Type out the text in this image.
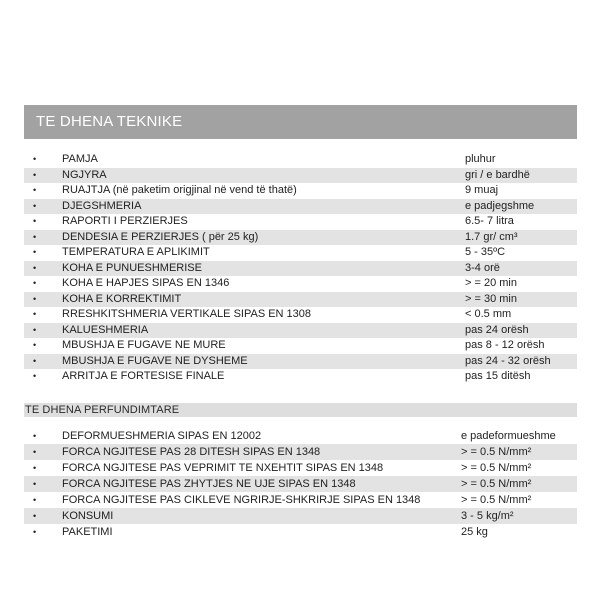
TE DHENA TEKNIKE
• PAMJA	pluhur
• NGJYRA	gri / e bardhë
• RUAJTJA (në paketim origjinal në vend të thatë)	9 muaj
• DJEGSHMERIA	e padjegshme
• RAPORTI I PERZIERJES	6.5- 7 litra
• DENDESIA E PERZIERJES ( për 25 kg)	1.7 gr/ cm³
• TEMPERATURA E APLIKIMIT	5 - 35ºC
• KOHA E PUNUESHMERISE	3-4 orë
• KOHA E HAPJES SIPAS EN 1346	> = 20 min
• KOHA E KORREKTIMIT	> = 30 min
• RRESHKITSHMERIA VERTIKALE SIPAS EN 1308	< 0.5 mm
• KALUESHMERIA	pas 24 orësh
• MBUSHJA E FUGAVE NE MURE	pas 8 - 12 orësh
• MBUSHJA E FUGAVE NE DYSHEME	pas 24 - 32 orësh
• ARRITJA E FORTESISE FINALE	pas 15 ditësh
TE DHENA PERFUNDIMTARE
• DEFORMUESHMERIA SIPAS EN 12002	e padeformueshme
• FORCA NGJITESE PAS 28 DITESH SIPAS EN 1348	> = 0.5 N/mm²
• FORCA NGJITESE PAS VEPRIMIT TE NXEHTIT SIPAS EN 1348	> = 0.5 N/mm²
• FORCA NGJITESE PAS ZHYTJES NE UJE SIPAS EN 1348	> = 0.5 N/mm²
• FORCA NGJITESE PAS CIKLEVE NGRIRJE-SHKRIRJE SIPAS EN 1348	> = 0.5 N/mm²
• KONSUMI	3 - 5 kg/m²
• PAKETIMI	25 kg
